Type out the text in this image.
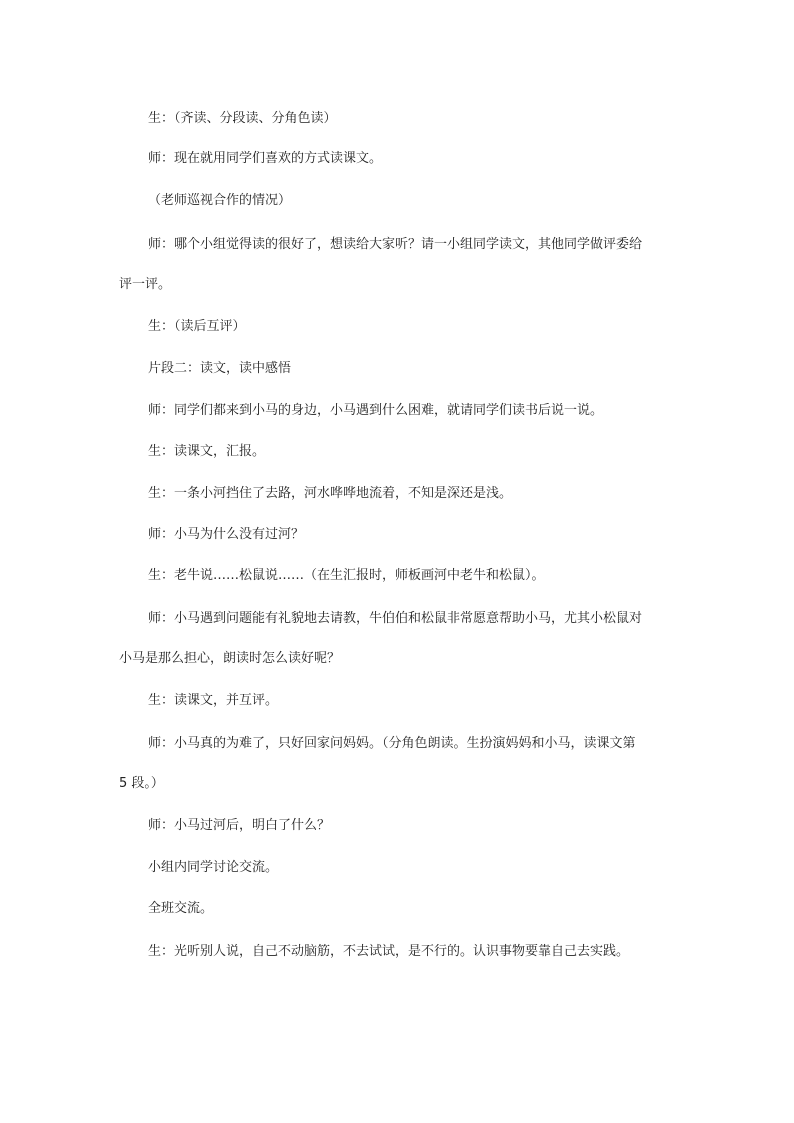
生：（齐读、分段读、分角色读）
师：现在就用同学们喜欢的方式读课文。
（老师巡视合作的情况）
师：哪个小组觉得读的很好了，想读给大家听？请一小组同学读文，其他同学做评委给
评一评。
生：（读后互评）
片段二：读文，读中感悟
师：同学们都来到小马的身边，小马遇到什么困难，就请同学们读书后说一说。
生：读课文，汇报。
生：一条小河挡住了去路，河水哗哗地流着，不知是深还是浅。
师：小马为什么没有过河？
生：老牛说……松鼠说……（在生汇报时，师板画河中老牛和松鼠）。
师：小马遇到问题能有礼貌地去请教，牛伯伯和松鼠非常愿意帮助小马，尤其小松鼠对
小马是那么担心，朗读时怎么读好呢？
生：读课文，并互评。
师：小马真的为难了，只好回家问妈妈。（分角色朗读。生扮演妈妈和小马，读课文第
5 段。）
师：小马过河后，明白了什么？
小组内同学讨论交流。
全班交流。
生：光听别人说，自己不动脑筋，不去试试，是不行的。认识事物要靠自己去实践。
